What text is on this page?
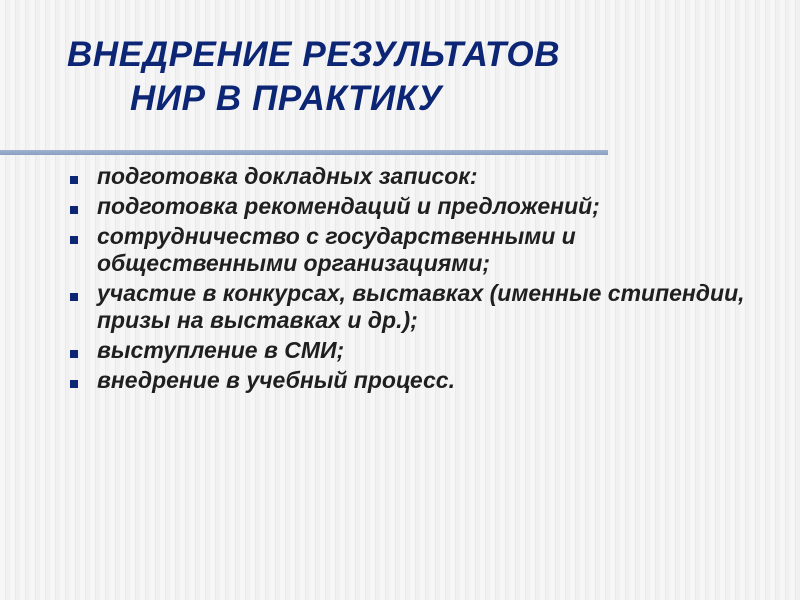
ВНЕДРЕНИЕ РЕЗУЛЬТАТОВ
НИР В ПРАКТИКУ
подготовка докладных записок:
подготовка рекомендаций и предложений;
сотрудничество с государственными и общественными организациями;
участие в конкурсах, выставках (именные стипендии, призы на выставках и др.);
выступление в СМИ;
внедрение в учебный процесс.
